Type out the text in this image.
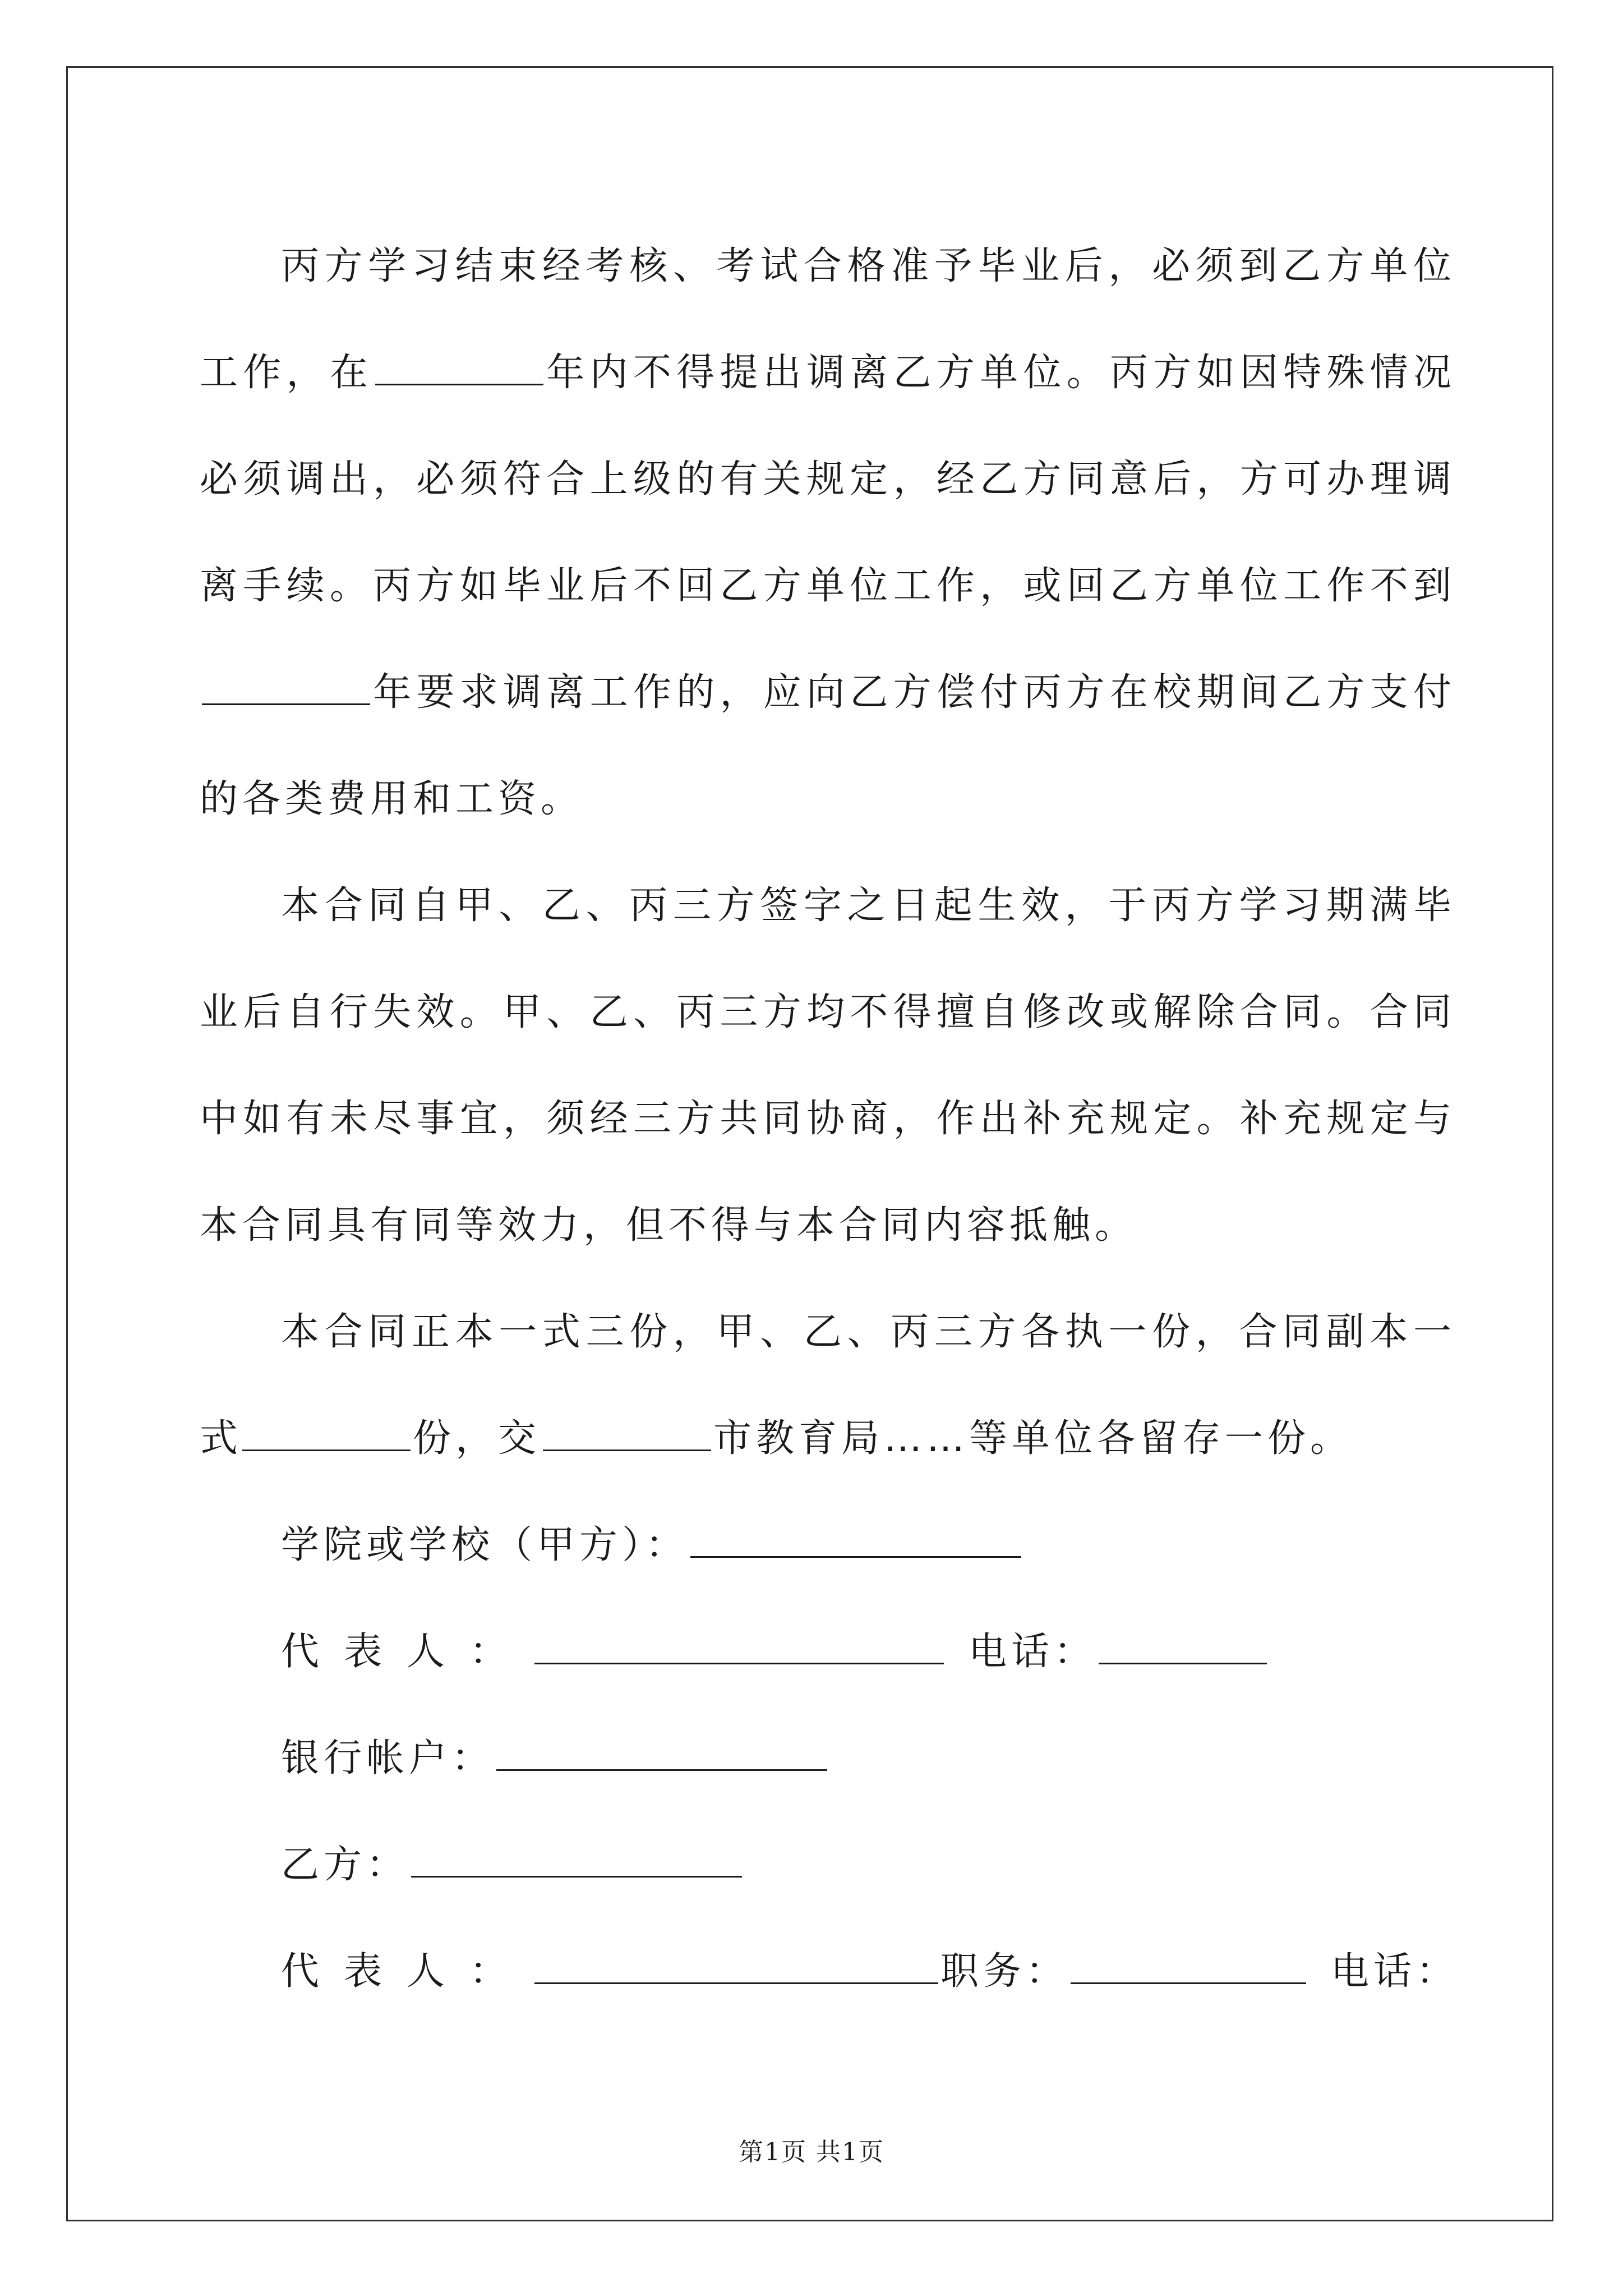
丙方学习结束经考核、考试合格准予毕业后，必须到乙方单位工作，在	年内不得提出调离乙方单位。丙方如因特殊情况必须调出，必须符合上级的有关规定，经乙方同意后，方可办理调离手续。丙方如毕业后不回乙方单位工作，或回乙方单位工作不到年要求调离工作的，应向乙方偿付丙方在校期间乙方支付的各类费用和工资。

本合同自甲、乙、丙三方签字之日起生效，于丙方学习期满毕业后自行失效。甲、乙、丙三方均不得擅自修改或解除合同。合同中如有未尽事宜，须经三方共同协商，作出补充规定。补充规定与本合同具有同等效力，但不得与本合同内容抵触。

本合同正本一式三份，甲、乙、丙三方各执一份，合同副本一式	份，交	市教育局……等单位各留存一份。

学院或学校（甲方）：

代表人：	电话：

银行帐户：

乙方：

代表人：	职务：	电话：

第1页 共1页
